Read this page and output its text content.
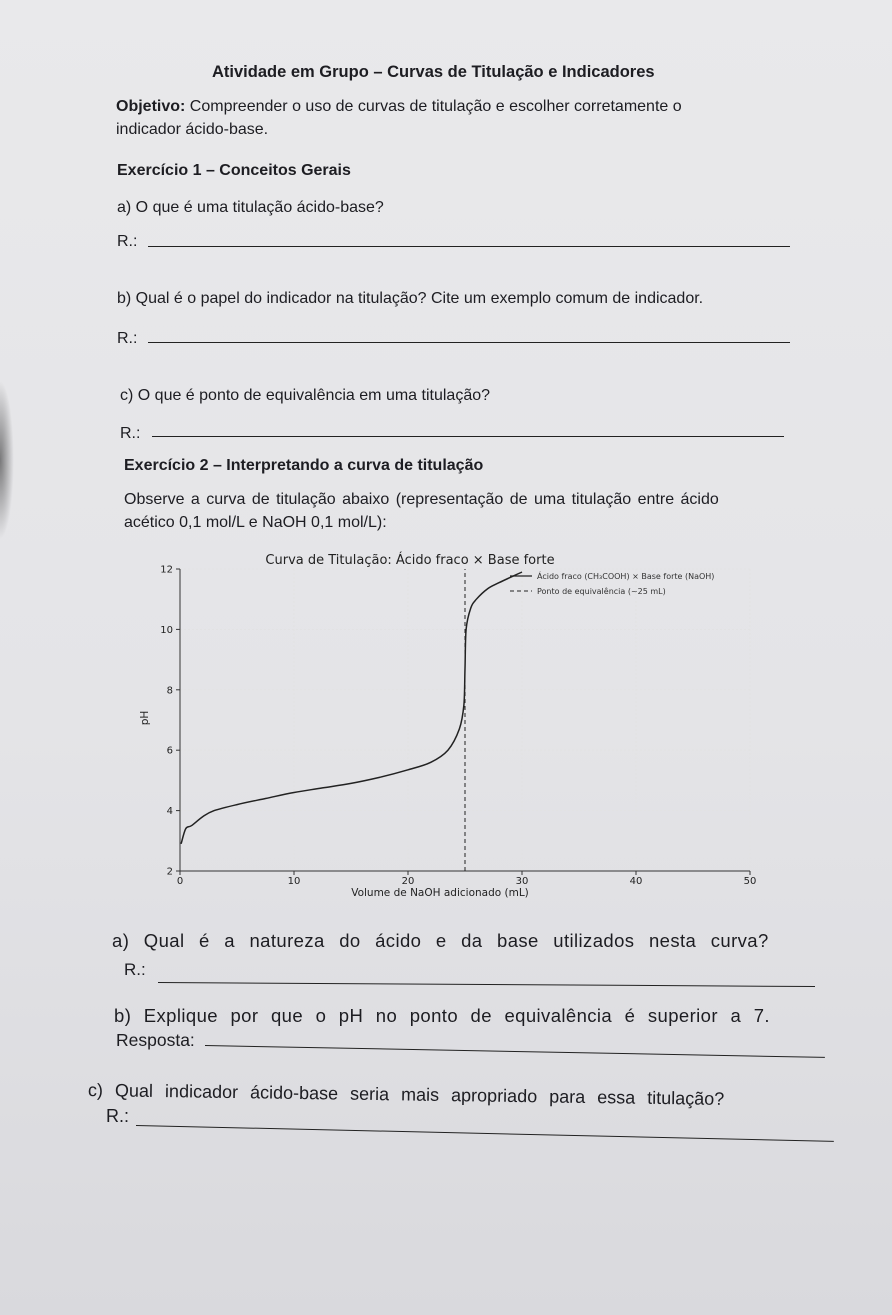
Atividade em Grupo – Curvas de Titulação e Indicadores
Objetivo: Compreender o uso de curvas de titulação e escolher corretamente o
indicador ácido-base.
Exercício 1 – Conceitos Gerais
a) O que é uma titulação ácido-base?
R.:
b) Qual é o papel do indicador na titulação? Cite um exemplo comum de indicador.
R.:
c) O que é ponto de equivalência em uma titulação?
R.:
Exercício 2 – Interpretando a curva de titulação
Observe a curva de titulação abaixo (representação de uma titulação entre ácido
acético 0,1 mol/L e NaOH 0,1 mol/L):
0	10	20	30	40	50
2
4
6
8
10
12
Curva de Titulação: Ácido fraco × Base forte
Volume de NaOH adicionado (mL)
pH
Ácido fraco (CH₃COOH) × Base forte (NaOH)
Ponto de equivalência (~25 mL)
a) Qual é a natureza do ácido e da base utilizados nesta curva?
R.:
b) Explique por que o pH no ponto de equivalência é superior a 7.
Resposta:
c) Qual indicador ácido-base seria mais apropriado para essa titulação?
R.:
